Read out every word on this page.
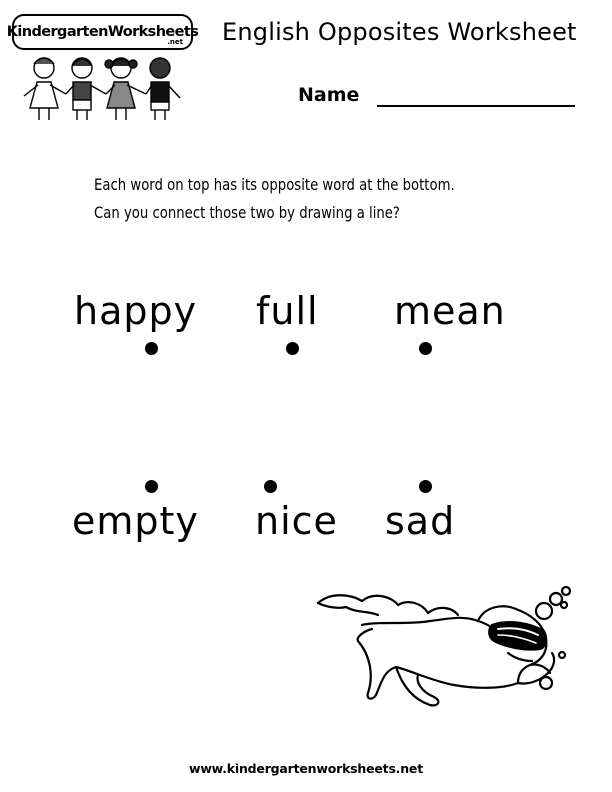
KindergartenWorksheets
.net English Opposites Worksheet
Name
Each word on top has its opposite word at the bottom.
Can you connect those two by drawing a line?
happy full mean
empty nice sad
www.kindergartenworksheets.net
